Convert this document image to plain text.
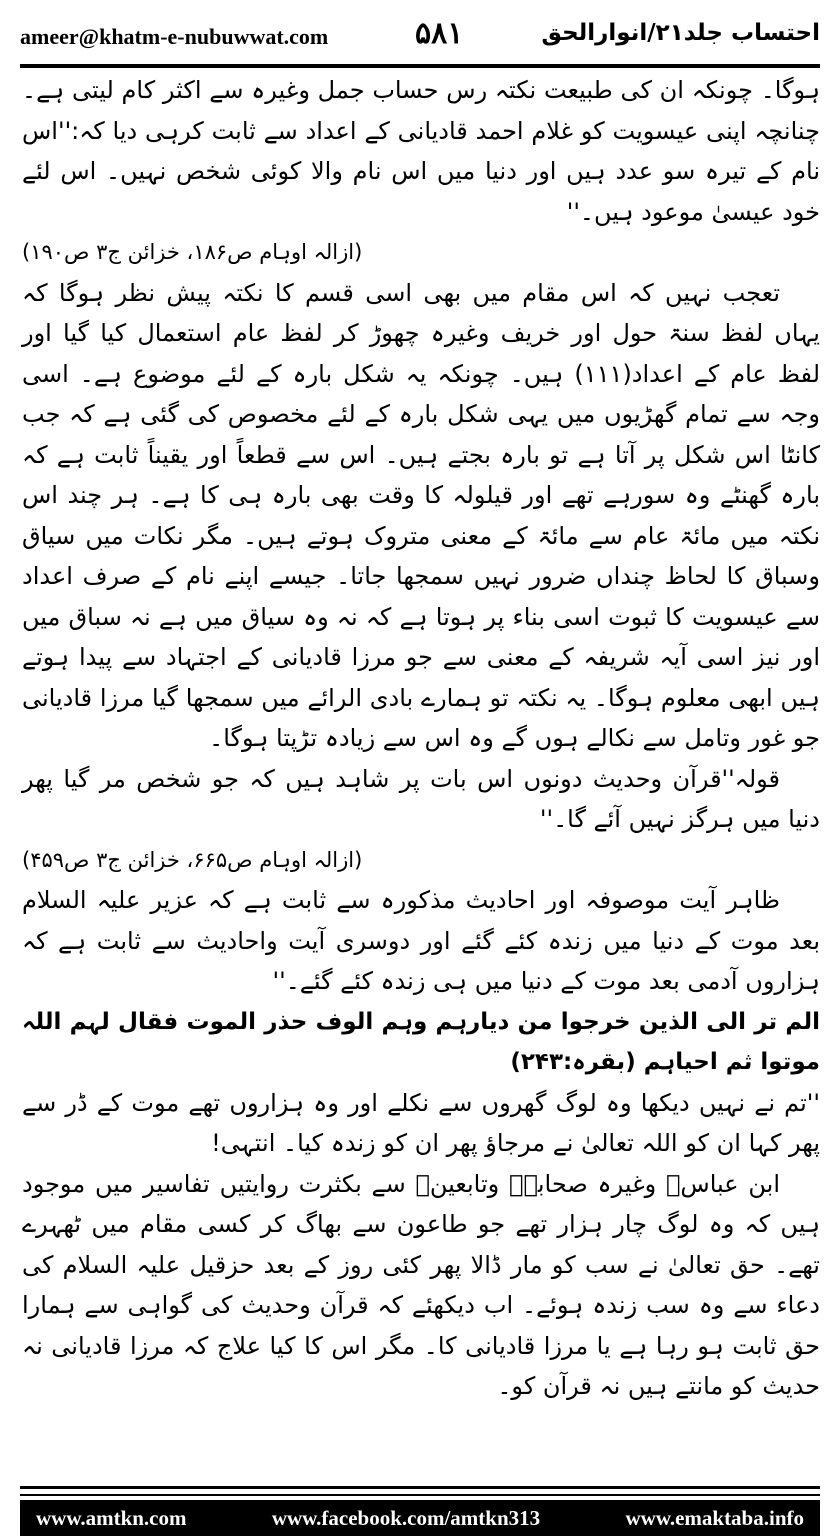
ameer@khatm-e-nubuwwat.com	۵۸۱	احتساب جلد۲۱/انوارالحق

ہوگا۔ چونکہ ان کی طبیعت نکتہ رس حساب جمل وغیرہ سے اکثر کام لیتی ہے۔ چنانچہ اپنی عیسویت کو غلام احمد قادیانی کے اعداد سے ثابت کرہی دیا کہ:''اس نام کے تیرہ سو عدد ہیں اور دنیا میں اس نام والا کوئی شخص نہیں۔ اس لئے خود عیسیٰ موعود ہیں۔''

(ازالہ اوہام ص۱۸۶، خزائن ج۳ ص۱۹۰)

تعجب نہیں کہ اس مقام میں بھی اسی قسم کا نکتہ پیش نظر ہوگا کہ یہاں لفظ سنۃ حول اور خریف وغیرہ چھوڑ کر لفظ عام استعمال کیا گیا اور لفظ عام کے اعداد(۱۱۱) ہیں۔ چونکہ یہ شکل بارہ کے لئے موضوع ہے۔ اسی وجہ سے تمام گھڑیوں میں یہی شکل بارہ کے لئے مخصوص کی گئی ہے کہ جب کانٹا اس شکل پر آتا ہے تو بارہ بجتے ہیں۔ اس سے قطعاً اور یقیناً ثابت ہے کہ بارہ گھنٹے وہ سورہے تھے اور قیلولہ کا وقت بھی بارہ ہی کا ہے۔ ہر چند اس نکتہ میں مائۃ عام سے مائۃ کے معنی متروک ہوتے ہیں۔ مگر نکات میں سیاق وسباق کا لحاظ چنداں ضرور نہیں سمجھا جاتا۔ جیسے اپنے نام کے صرف اعداد سے عیسویت کا ثبوت اسی بناء پر ہوتا ہے کہ نہ وہ سیاق میں ہے نہ سباق میں اور نیز اسی آیہ شریفہ کے معنی سے جو مرزا قادیانی کے اجتہاد سے پیدا ہوتے ہیں ابھی معلوم ہوگا۔ یہ نکتہ تو ہمارے بادی الرائے میں سمجھا گیا مرزا قادیانی جو غور وتامل سے نکالے ہوں گے وہ اس سے زیادہ تڑپتا ہوگا۔

قولہ''قرآن وحدیث دونوں اس بات پر شاہد ہیں کہ جو شخص مر گیا پھر دنیا میں ہرگز نہیں آئے گا۔''

(ازالہ اوہام ص۶۶۵، خزائن ج۳ ص۴۵۹)

ظاہر آیت موصوفہ اور احادیث مذکورہ سے ثابت ہے کہ عزیر علیہ السلام بعد موت کے دنیا میں زندہ کئے گئے اور دوسری آیت واحادیث سے ثابت ہے کہ ہزاروں آدمی بعد موت کے دنیا میں ہی زندہ کئے گئے۔''

الم تر الی الذین خرجوا من دیارہم وہم الوف حذر الموت فقال لہم اللہ موتوا ثم احیاہم (بقرہ:۲۴۳)

''تم نے نہیں دیکھا وہ لوگ گھروں سے نکلے اور وہ ہزاروں تھے موت کے ڈر سے پھر کہا ان کو اللہ تعالیٰ نے مرجاؤ پھر ان کو زندہ کیا۔ انتہی!

ابن عباسؓ وغیرہ صحابہؓ وتابعینؒ سے بکثرت روایتیں تفاسیر میں موجود ہیں کہ وہ لوگ چار ہزار تھے جو طاعون سے بھاگ کر کسی مقام میں ٹھہرے تھے۔ حق تعالیٰ نے سب کو مار ڈالا پھر کئی روز کے بعد حزقیل علیہ السلام کی دعاء سے وہ سب زندہ ہوئے۔ اب دیکھئے کہ قرآن وحدیث کی گواہی سے ہمارا حق ثابت ہو رہا ہے یا مرزا قادیانی کا۔ مگر اس کا کیا علاج کہ مرزا قادیانی نہ حدیث کو مانتے ہیں نہ قرآن کو۔

www.amtkn.com	www.facebook.com/amtkn313	www.emaktaba.info
